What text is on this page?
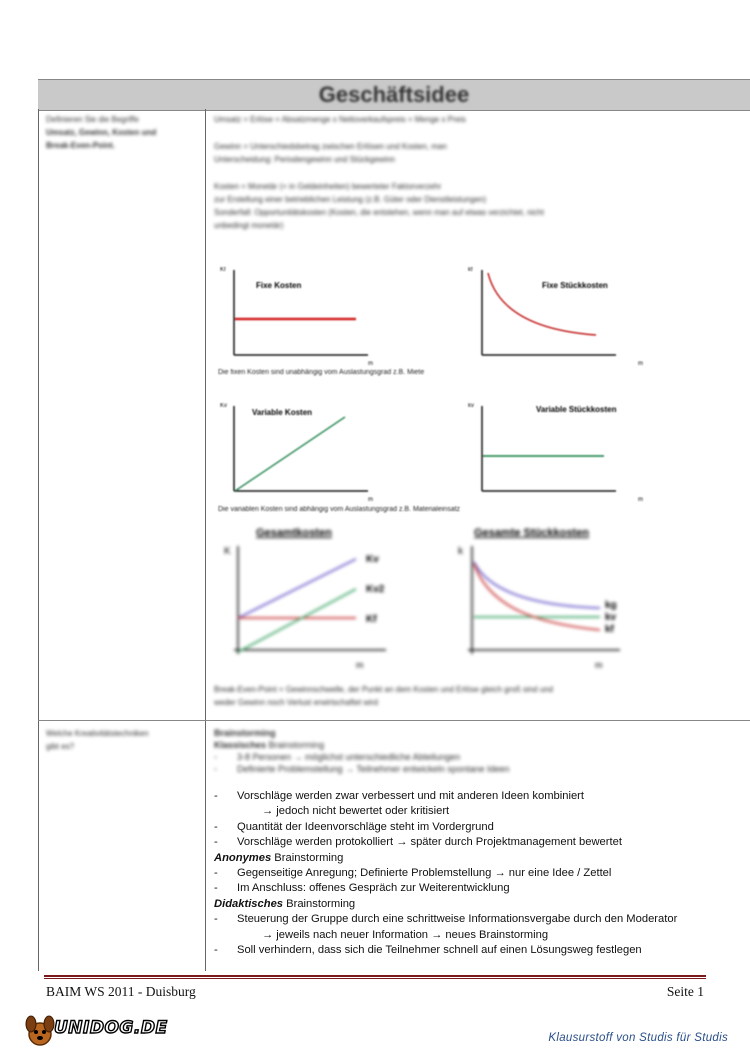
Geschäftsidee
Definieren Sie die Begriffe
Umsatz, Gewinn, Kosten und
Break-Even-Point.
Umsatz = Erlöse = Absatzmenge x Nettoverkaufspreis = Menge x Preis
Gewinn = Unterschiedsbetrag zwischen Erlösen und Kosten, man
Unterscheidung: Periodengewinn und Stückgewinn
Kosten = Monetär (= in Geldeinheiten) bewerteter Faktorverzehr
zur Erstellung einer betrieblichen Leistung (z.B. Güter oder Dienstleistungen)
Sonderfall: Opportunitätskosten (Kosten, die entstehen, wenn man auf etwas verzichtet, nicht
unbedingt monetär)
Kf
m
Fixe Kosten
kf
m
Fixe Stückkosten
Die fixen Kosten sind unabhängig vom Auslastungsgrad z.B. Miete
Kv
m
Variable Kosten
kv
m
Variable Stückkosten
Die variablen Kosten sind abhängig vom Auslastungsgrad z.B. Materialeinsatz
Gesamtkosten
K
m
Kv
Kv2
Kf
Gesamte Stückkosten
k
m
kg
kv
kf
Break-Even-Point = Gewinnschwelle, der Punkt an dem Kosten und Erlöse gleich groß sind und
weder Gewinn noch Verlust erwirtschaftet wird
Welche Kreativitätstechniken
gibt es?
Brainstorming
Klassisches Brainstorming
-	3-8 Personen → möglichst unterschiedliche Abteilungen
-	Definierte Problemstellung → Teilnehmer entwickeln spontane Ideen
-	Vorschläge werden zwar verbessert und mit anderen Ideen kombiniert
→ jedoch nicht bewertet oder kritisiert
-	Quantität der Ideenvorschläge steht im Vordergrund
-	Vorschläge werden protokolliert → später durch Projektmanagement bewertet
Anonymes Brainstorming
-	Gegenseitige Anregung; Definierte Problemstellung → nur eine Idee / Zettel
-	Im Anschluss: offenes Gespräch zur Weiterentwicklung
Didaktisches Brainstorming
-	Steuerung der Gruppe durch eine schrittweise Informationsvergabe durch den Moderator
→ jeweils nach neuer Information → neues Brainstorming
-	Soll verhindern, dass sich die Teilnehmer schnell auf einen Lösungsweg festlegen
BAIM WS 2011 - Duisburg	Seite 1
UNIDOG.DE	Klausurstoff von Studis für Studis
